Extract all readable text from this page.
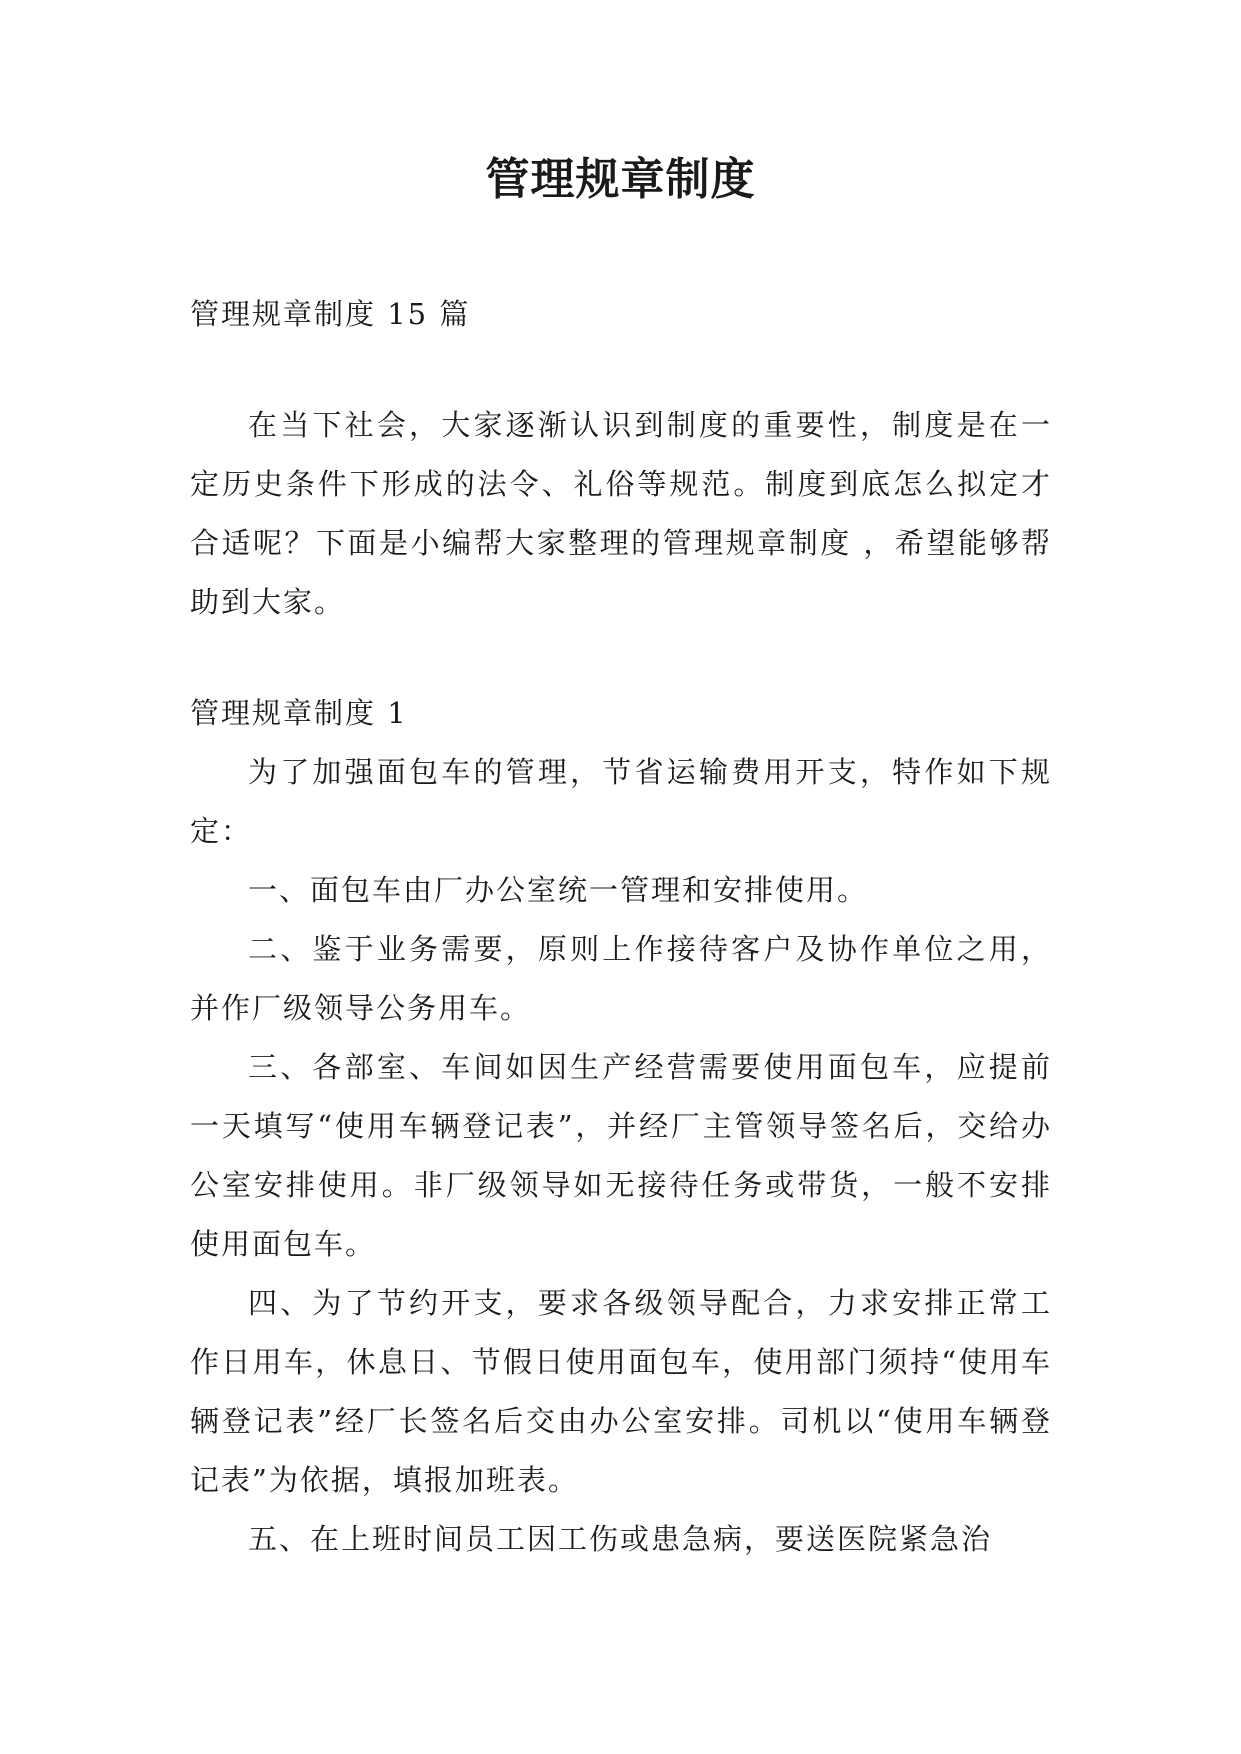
管理规章制度

管理规章制度 15 篇

在当下社会，大家逐渐认识到制度的重要性，制度是在一定历史条件下形成的法令、礼俗等规范。制度到底怎么拟定才合适呢？下面是小编帮大家整理的管理规章制度 ，希望能够帮助到大家。

管理规章制度 1

为了加强面包车的管理，节省运输费用开支，特作如下规定：

一、面包车由厂办公室统一管理和安排使用。

二、鉴于业务需要，原则上作接待客户及协作单位之用，并作厂级领导公务用车。

三、各部室、车间如因生产经营需要使用面包车，应提前一天填写“使用车辆登记表”，并经厂主管领导签名后，交给办公室安排使用。非厂级领导如无接待任务或带货，一般不安排使用面包车。

四、为了节约开支，要求各级领导配合，力求安排正常工作日用车，休息日、节假日使用面包车，使用部门须持“使用车辆登记表”经厂长签名后交由办公室安排。司机以“使用车辆登记表”为依据，填报加班表。

五、在上班时间员工因工伤或患急病，要送医院紧急治
